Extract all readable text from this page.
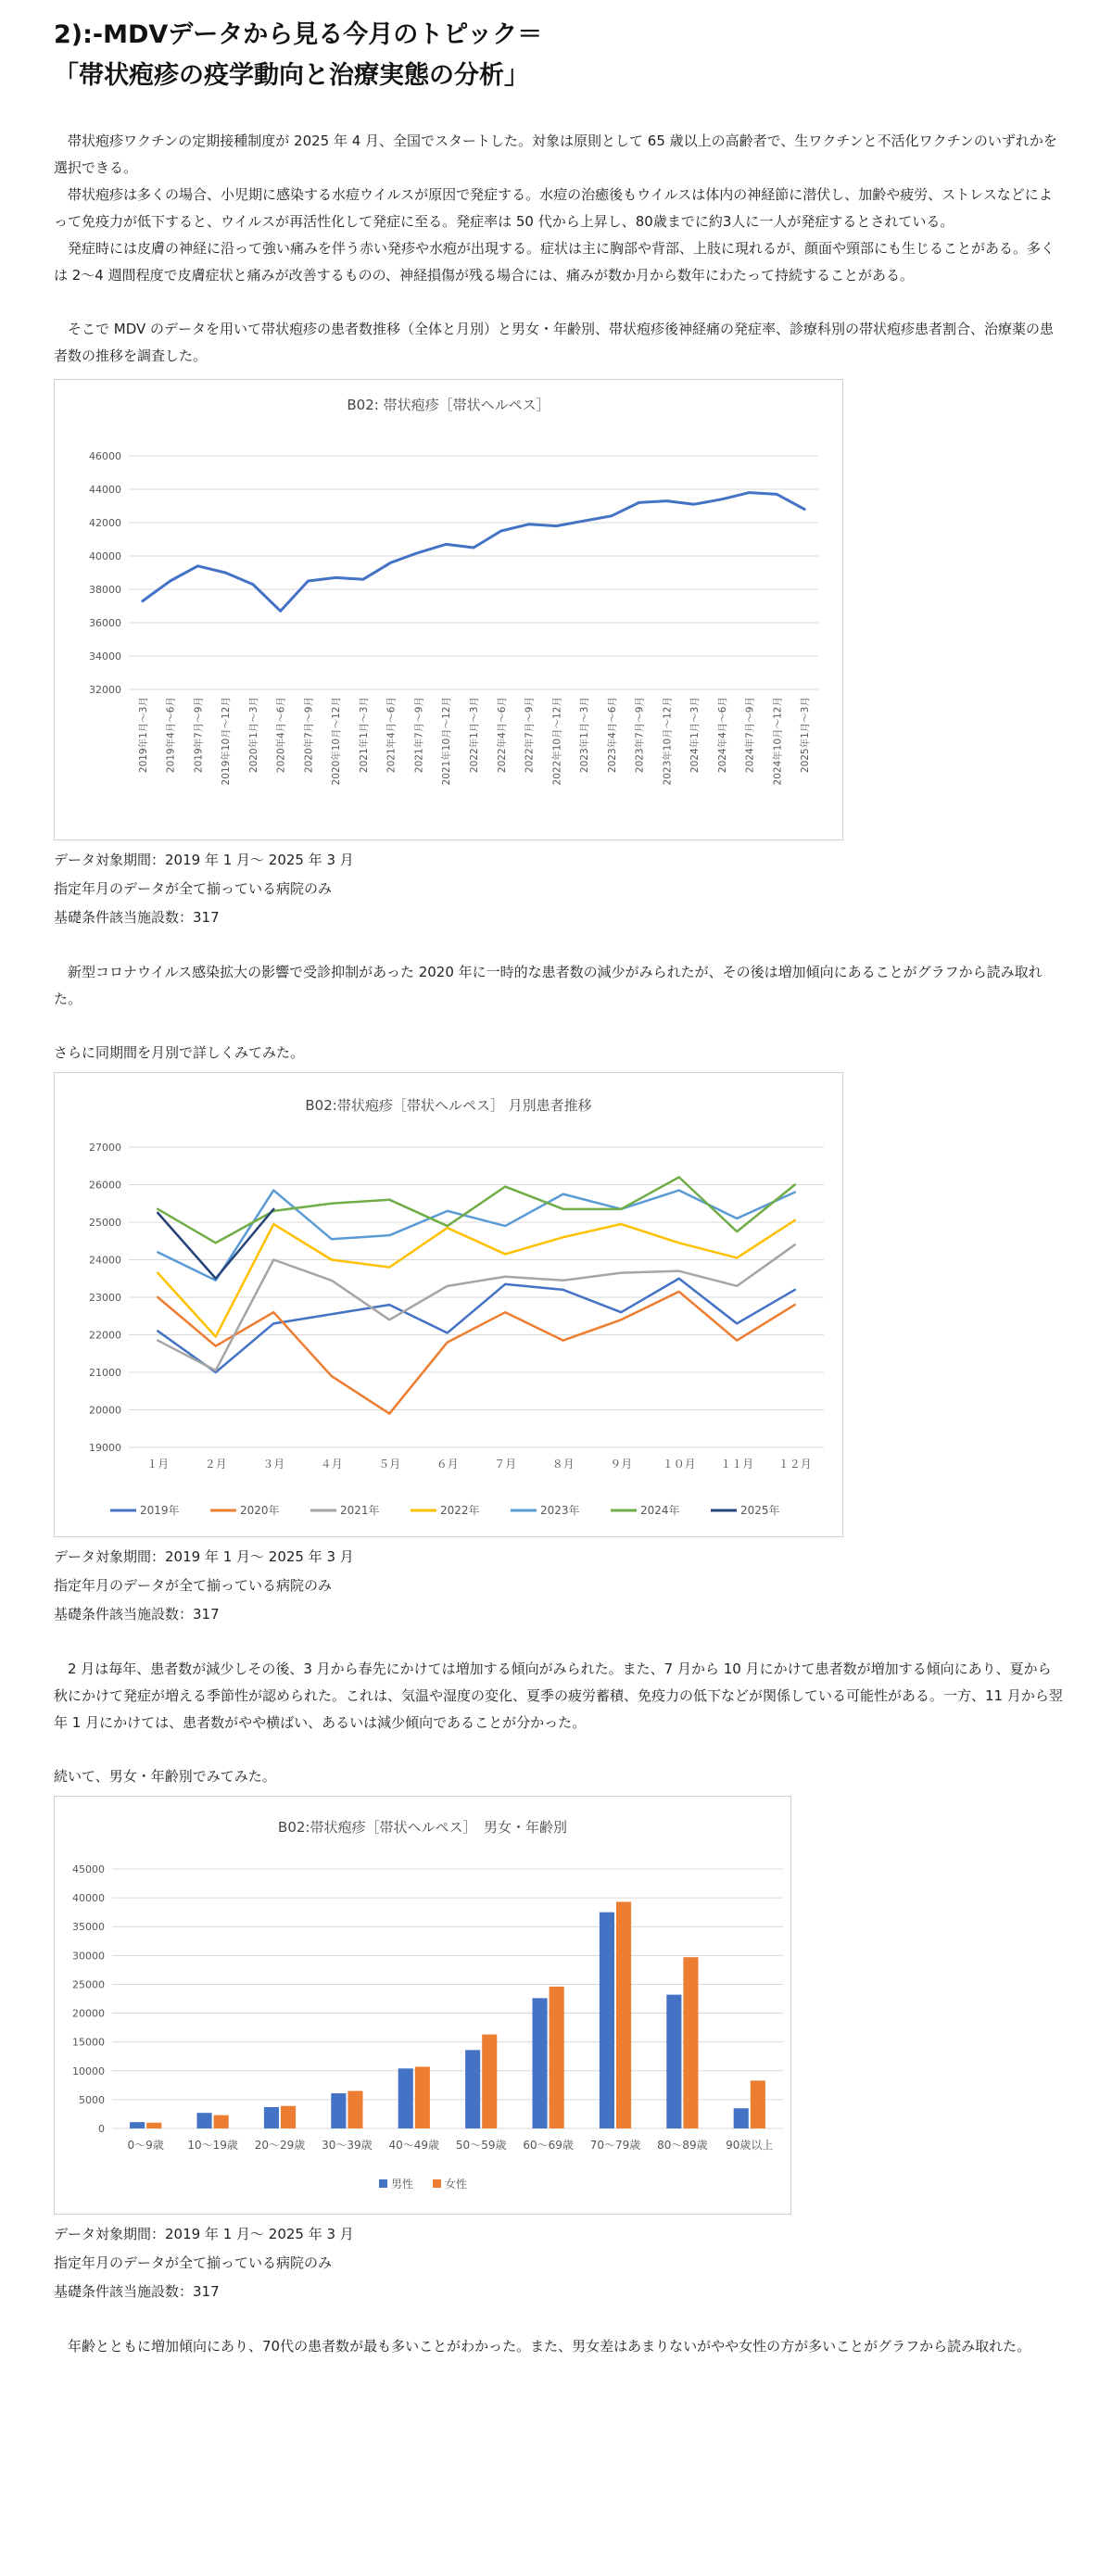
2):-MDVデータから見る今月のトピック＝

「帯状疱疹の疫学動向と治療実態の分析」

帯状疱疹ワクチンの定期接種制度が 2025 年 4 月、全国でスタートした。対象は原則として 65 歳以上の高齢者で、生ワクチンと不活化ワクチンのいずれかを選択できる。

帯状疱疹は多くの場合、小児期に感染する水痘ウイルスが原因で発症する。水痘の治癒後もウイルスは体内の神経節に潜伏し、加齢や疲労、ストレスなどによって免疫力が低下すると、ウイルスが再活性化して発症に至る。発症率は 50 代から上昇し、80歳までに約3人に一人が発症するとされている。

発症時には皮膚の神経に沿って強い痛みを伴う赤い発疹や水疱が出現する。症状は主に胸部や背部、上肢に現れるが、顔面や頸部にも生じることがある。多くは 2～4 週間程度で皮膚症状と痛みが改善するものの、神経損傷が残る場合には、痛みが数か月から数年にわたって持続することがある。

そこで MDV のデータを用いて帯状疱疹の患者数推移（全体と月別）と男女・年齢別、帯状疱疹後神経痛の発症率、診療科別の帯状疱疹患者割合、治療薬の患者数の推移を調査した。

B02: 帯状疱疹［帯状ヘルペス］
46000
44000
42000
40000
38000
36000
34000
32000
2019年1月～3月 2019年4月～6月 2019年7月～9月 2019年10月～12月 2020年1月～3月 2020年4月～6月 2020年7月～9月 2020年10月～12月 2021年1月～3月 2021年4月～6月 2021年7月～9月 2021年10月～12月 2022年1月～3月 2022年4月～6月 2022年7月～9月 2022年10月～12月 2023年1月～3月 2023年4月～6月 2023年7月～9月 2023年10月～12月 2024年1月～3月 2024年4月～6月 2024年7月～9月 2024年10月～12月 2025年1月～3月

データ対象期間：2019 年 1 月～ 2025 年 3 月

指定年月のデータが全て揃っている病院のみ

基礎条件該当施設数：317

新型コロナウイルス感染拡大の影響で受診抑制があった 2020 年に一時的な患者数の減少がみられたが、その後は増加傾向にあることがグラフから読み取れた。

さらに同期間を月別で詳しくみてみた。

B02:帯状疱疹［帯状ヘルペス］ 月別患者推移
27000
26000
25000
24000
23000
22000
21000
20000
19000
１月	２月	３月	４月	５月	６月	７月	８月	９月	１０月 １１月 １２月
2019年	2020年	2021年	2022年	2023年	2024年	2025年

データ対象期間：2019 年 1 月～ 2025 年 3 月

指定年月のデータが全て揃っている病院のみ

基礎条件該当施設数：317

2 月は毎年、患者数が減少しその後、3 月から春先にかけては増加する傾向がみられた。また、7 月から 10 月にかけて患者数が増加する傾向にあり、夏から秋にかけて発症が増える季節性が認められた。これは、気温や湿度の変化、夏季の疲労蓄積、免疫力の低下などが関係している可能性がある。一方、11 月から翌年 1 月にかけては、患者数がやや横ばい、あるいは減少傾向であることが分かった。

続いて、男女・年齢別でみてみた。

B02:帯状疱疹［帯状ヘルペス］　男女・年齢別
45000
40000
35000
30000
25000
20000
15000
10000
5000
0
0～9歳 10～19歳 20～29歳 30～39歳 40～49歳 50～59歳 60～69歳 70～79歳 80～89歳 90歳以上
男性	女性

データ対象期間：2019 年 1 月～ 2025 年 3 月

指定年月のデータが全て揃っている病院のみ

基礎条件該当施設数：317

年齢とともに増加傾向にあり、70代の患者数が最も多いことがわかった。また、男女差はあまりないがやや女性の方が多いことがグラフから読み取れた。
